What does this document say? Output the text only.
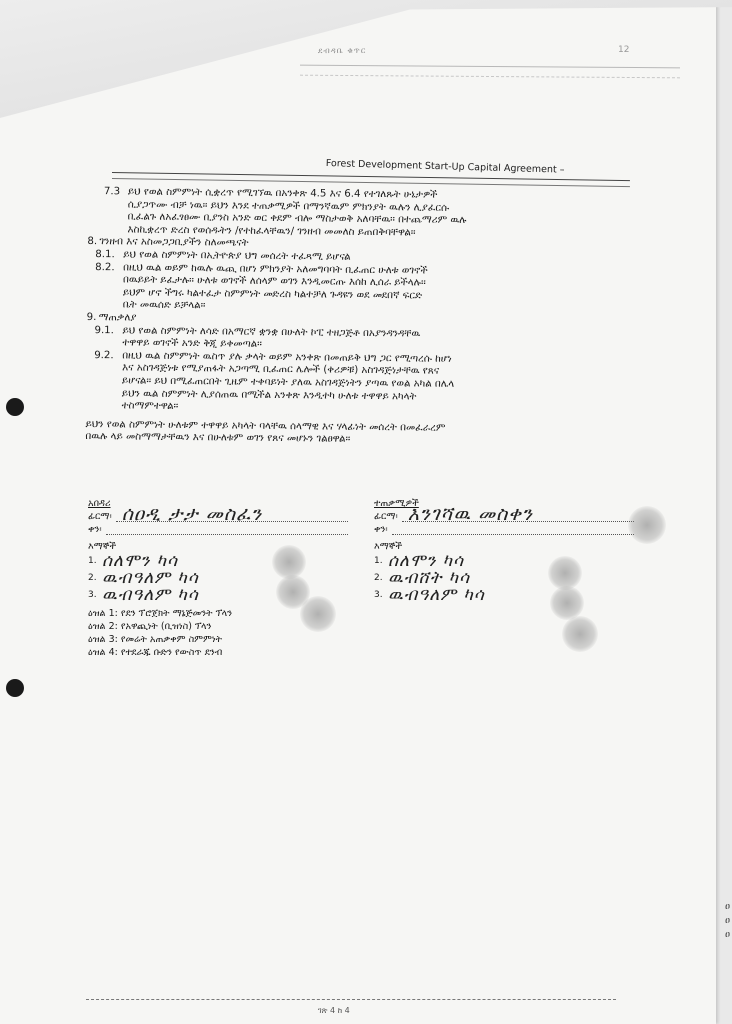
ደብዳቤ ቁጥር	12
Forest Development Start-Up Capital Agreement –
7.3 ይህ የወል ስምምነት ሲቋረጥ የሚገኘዉ በአንቀጽ 4.5 እና 6.4 የተገለጹት ሁኔታዎች
ሲያጋጥሙ ብቻ ነዉ። ይህን እንደ ተጠቃሚዎች በማንኛዉም ምክንያት ዉሉን ሊያፈርሱ
ቢፈልጉ ለአፈፃፀሙ ቢያንስ አንድ ወር ቀደም ብሎ ማስታወቅ አለባቸዉ። በተጨማሪም ዉሉ
እስኪቋረጥ ድረስ የወሰዱትን /የተከፈላቸዉን/ ገንዘብ መመለስ ይጠበቅባቸዋል።
8. ገንዘብ እና አስመጋጋቢያችን ስለመጫናት
8.1. ይህ የወል ስምምነት በኢትዮጵያ ህግ መሰረት ተፈጻሚ ይሆናል
8.2. በዚህ ዉል ወይም ከዉሉ ዉጪ በሆነ ምክንያት አለመግባባት ቢፈጠር ሁለቱ ወገኖች
በዉይይት ይፈታሉ። ሁለቱ ወገኖች ለሰላም ወገን እንዲመርጡ እሰከ ሊሰራ ይችላሉ።
ይህም ሆኖ ችግሩ ካልተፈታ ስምምነት መድረስ ካልተቻለ ጉዳዩን ወደ መደበኛ ፍርድ
ቤት መዉሰድ ይቻላል።
9. ማጠቃለያ
9.1. ይህ የወል ስምምነት ለሳድ በአማርኛ ቋንቋ በሁለት ኮፒ ተዘጋጅቶ በአያንዳንዳቸዉ
ተዋዋይ ወገኖች አንድ ቅጂ ይቀመጣል።
9.2. በዚህ ዉል ስምምነት ዉስጥ ያሉ ቃላት ወይም አንቀጽ በመጠይቅ ህግ ጋር የሚጣረሱ ከሆነ
እና አስገዳጅነቱ የሚያጠፋት አጋጣሚ ቢፈጠር ሌሎች (ቀሪዎቹ) አስገዳጅነታቸዉ የጸና
ይሆናል። ይህ በሚፈጠርበት ጊዜም ተቀባይነት ያለዉ አስገዳጅነትን ያጣዉ የወል አካል በሌላ
ይህን ዉል ስምምነት ሊያሰጠዉ በሚችል አንቀጽ እንዲተካ ሁለቱ ተዋዋይ አካላት
ተስማምተዋል።
ይህን የወል ስምምነት ሁለቱም ተዋዋይ አካላት ባላቸዉ ሰላማዊ እና ሃላፊነት መሰረት በመፈራረም
በዉሉ ላይ መስማማታቸዉን እና በሁለቱም ወገን የጸና መሆኑን ገልፀዋል።
አበዳሪ
ፊርማ ፡ ሰዐዲ ታታ መስፈን
ቀን ፡
እማኞች
1. ሰለሞን ካሳ
2. ዉብዓለም ካሳ
3. ዉብዓለም ካሳ
ዕዝል 1: የደን ፕሮጀክት ማኔጅመንት ፕላን
ዕዝል 2: የአዋጪነት (ቢዝነስ) ፕላን
ዕዝል 3: የመሬት አጠቃቀም ስምምነት
ዕዝል 4: የተደራጁ ቡድን የውስጥ ደንብ
ተጠቃሚዎች
ፊርማ ፡ እንገሻዉ መስቀን
ቀን ፡
እማኞች
1. ሰለሞን ካሳ
2. ዉብሸት ካሳ
3. ዉብዓለም ካሳ
ገጽ 4 ከ 4
ዐ
ዐ
ዐ
